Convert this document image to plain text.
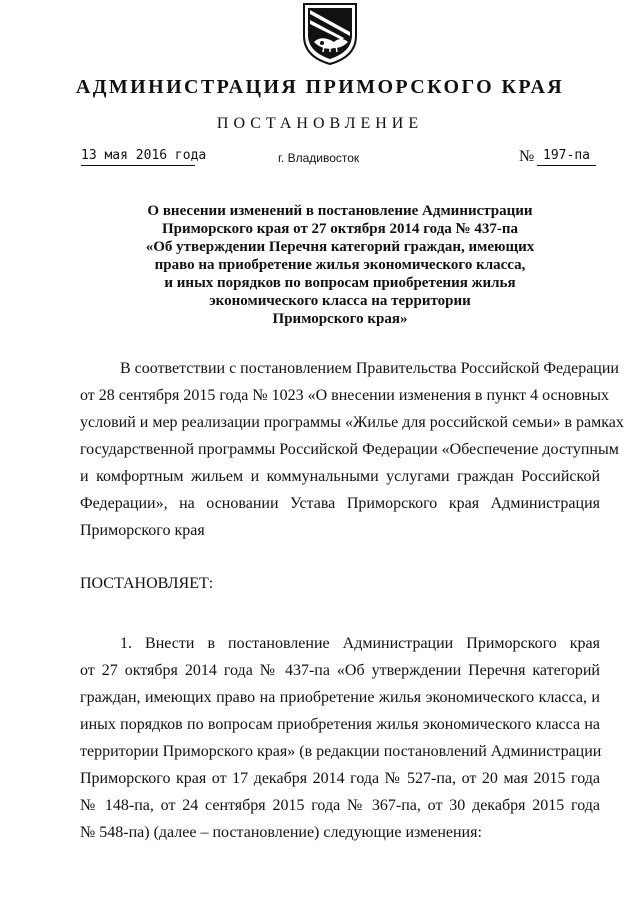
АДМИНИСТРАЦИЯ ПРИМОРСКОГО КРАЯ
ПОСТАНОВЛЕНИЕ
13 мая 2016 года	г. Владивосток	№ 197-па
О внесении изменений в постановление Администрации
Приморского края от 27 октября 2014 года № 437-па
«Об утверждении Перечня категорий граждан, имеющих
право на приобретение жилья экономического класса,
и иных порядков по вопросам приобретения жилья
экономического класса на территории
Приморского края»
В соответствии с постановлением Правительства Российской Федерации
от 28 сентября 2015 года № 1023 «О внесении изменения в пункт 4 основных
условий и мер реализации программы «Жилье для российской семьи» в рамках
государственной программы Российской Федерации «Обеспечение доступным
и комфортным жильем и коммунальными услугами граждан Российской
Федерации», на основании Устава Приморского края Администрация
Приморского края
ПОСТАНОВЛЯЕТ:
1. Внести в постановление Администрации Приморского края
от 27 октября 2014 года № 437-па «Об утверждении Перечня категорий
граждан, имеющих право на приобретение жилья экономического класса, и
иных порядков по вопросам приобретения жилья экономического класса на
территории Приморского края» (в редакции постановлений Администрации
Приморского края от 17 декабря 2014 года № 527-па, от 20 мая 2015 года
№ 148-па, от 24 сентября 2015 года № 367-па, от 30 декабря 2015 года
№ 548-па) (далее – постановление) следующие изменения:
